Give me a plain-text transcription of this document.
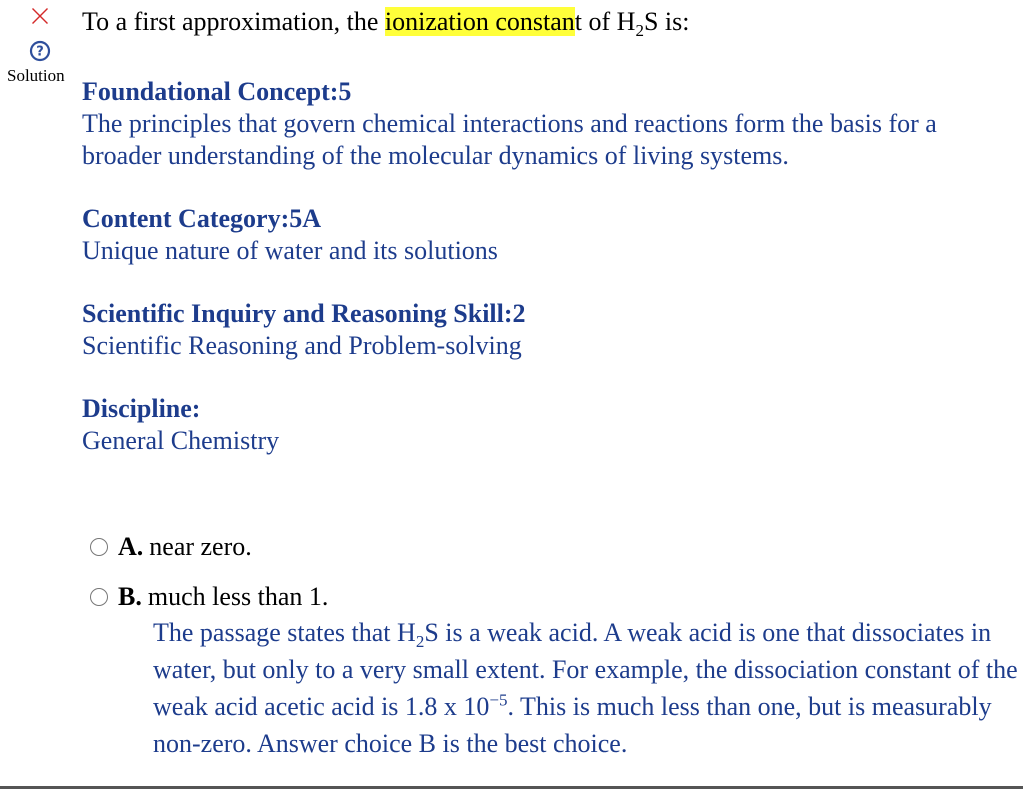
?
Solution
To a first approximation, the ionization constant of $H_2S$ is:
Foundational Concept:5
The principles that govern chemical interactions and reactions form the basis for a broader understanding of the molecular dynamics of living systems.
Content Category:5A
Unique nature of water and its solutions
Scientific Inquiry and Reasoning Skill:2
Scientific Reasoning and Problem-solving
Discipline:
General Chemistry
A. near zero.
B. much less than 1.
The passage states that $H_2S$ is a weak acid. A weak acid is one that dissociates in water, but only to a very small extent. For example, the dissociation constant of the weak acid acetic acid is 1.8 x $10^{-5}$. This is much less than one, but is measurably non-zero. Answer choice B is the best choice.
